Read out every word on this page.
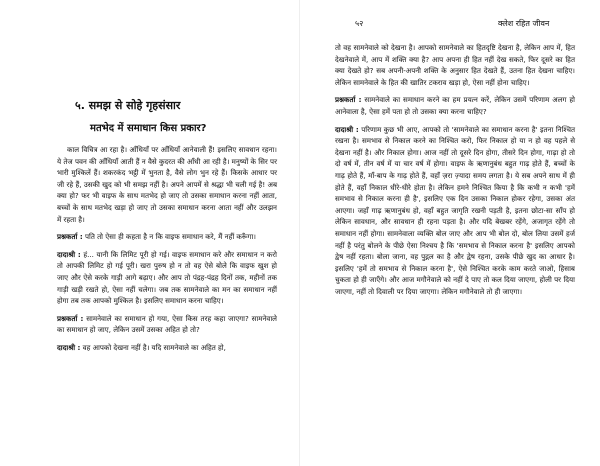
५. समझ से सोहे गृहसंसार
मतभेद में समाधान किस प्रकार?

काल विचित्र आ रहा है। आँधियाँ पर आँधियाँ आनेवाली हैं! इसलिए सावधान रहना। ये तेज पवन की आँधियाँ आती हैं न वैसे कुदरत की आँधी आ रही है। मनुष्यों के सिर पर भारी मुश्किलें हैं। शकरकंद भट्ठी में भुनता है, वैसे लोग भुन रहे हैं। किसके आधार पर जी रहे हैं, उसकी खुद को भी समझ नहीं है। अपने आपमें से श्रद्धा भी चली गई है! अब क्या हो? फर भी वाइफ के साथ मतभेद हो जाए तो उसका समाधान करना नहीं आता, बच्चों के साथ मतभेद खड़ा हो जाए तो उसका समाधान करना आता नहीं और उलझन में रहता है।

प्रश्नकर्ता : पति तो ऐसा ही कहता है न कि वाइफ समाधान करे, मैं नहीं करूँगा।

दादाश्री : हं... यानी कि लिमिट पूरी हो गई। वाइफ समाधान करे और समाधान न करो तो आपकी लिमिट हो गई पूरी। खरा पुरुष हो न तो वह ऐसे बोले कि वाइफ खुश हो जाए और ऐसे करके गाड़ी आगे बढ़ाए। और आप तो पंद्रह-पंद्रह दिनों तक, महीनों तक गाड़ी खड़ी रखते हो, ऐसा नहीं चलेगा। जब तक सामनेवाले का मन का समाधान नहीं होगा तब तक आपको मुश्किल है। इसलिए समाधान करना चाहिए।

प्रश्नकर्ता : सामनेवाले का समाधान हो गया, ऐसा किस तरह कहा जाएगा? सामनेवाले का समाधान हो जाए, लेकिन उसमें उसका अहित हो तो?

दादाश्री : वह आपको देखना नहीं है। यदि सामनेवाले का अहित हो,

५२	क्लेश रहित जीवन

तो वह सामनेवाले को देखना है। आपको सामनेवाले का हितदृष्टि देखना है, लेकिन आप में, हित देखनेवाले में, आप में शक्ति क्या है? आप अपना ही हित नहीं देख सकते, फिर दूसरे का हित क्या देखते हो? सब अपनी-अपनी शक्ति के अनुसार हित देखते हैं, उतना हित देखना चाहिए। लेकिन सामनेवाले के हित की खातिर टकराव खड़ा हो, ऐसा नहीं होना चाहिए।

प्रश्नकर्ता : सामनेवाले का समाधान करने का हम प्रयत्न करें, लेकिन उसमें परिणाम अलग हो आनेवाला है, ऐसा हमें पता हो तो उसका क्या करना चाहिए?

दादाश्री : परिणाम कुछ भी आए, आपको तो 'सामनेवाले का समाधान करना है' इतना निश्चित रखना है। समभाव से निकाल करने का निश्चित करो, फिर निकाल हो या न हो वह पहले से देखना नहीं है। और निकाल होगा। आज नहीं तो दूसरे दिन होगा, तीसरे दिन होगा, गाढ़ा हो तो दो वर्ष में, तीन वर्ष में या चार वर्ष में होगा। वाइफ के ऋणानुबंध बहुत गाढ़ होते हैं, बच्चों के गाढ़ होते हैं, माँ-बाप के गाढ़ होते हैं, वहाँ ज़रा ज़्यादा समय लगता है। ये सब अपने साथ में ही होते हैं, वहाँ निकाल धीरे-धीरे होता है। लेकिन हमने निश्चित किया है कि कभी न कभी 'हमें समभाव से निकाल करना ही है', इसलिए एक दिन उसका निकाल होकर रहेगा, उसका अंत आएगा। जहाँ गाढ़ ऋणानुबंध हो, वहाँ बहुत जागृति रखनी पड़ती है, इतना छोटा-सा साँप हो लेकिन सावधान, और सावधान ही रहना पड़ता है। और यदि बेखबर रहेंगे, अजागृत रहेंगे तो समाधान नहीं होगा। सामनेवाला व्यक्ति बोल जाए और आप भी बोल दो, बोल लिया उसमें हर्ज नहीं है परंतु बोलने के पीछे ऐसा निश्चय है कि 'समभाव से निकाल करना है' इसलिए आपको द्वेष नहीं रहता। बोला जाना, वह पुद्गल का है और द्वेष रहना, उसके पीछे खुद का आधार है। इसलिए 'हमें तो समभाव से निकाल करना है', ऐसे निश्चित करके काम करते जाओ, हिसाब चुकता हो ही जाएँगे। और आज मगौनेवाले को नहीं दे पाए तो कल दिया जाएगा, होली पर दिया जाएगा, नहीं तो दिवाली पर दिया जाएगा। लेकिन मगौनेवाले तो ही जाएगा।
